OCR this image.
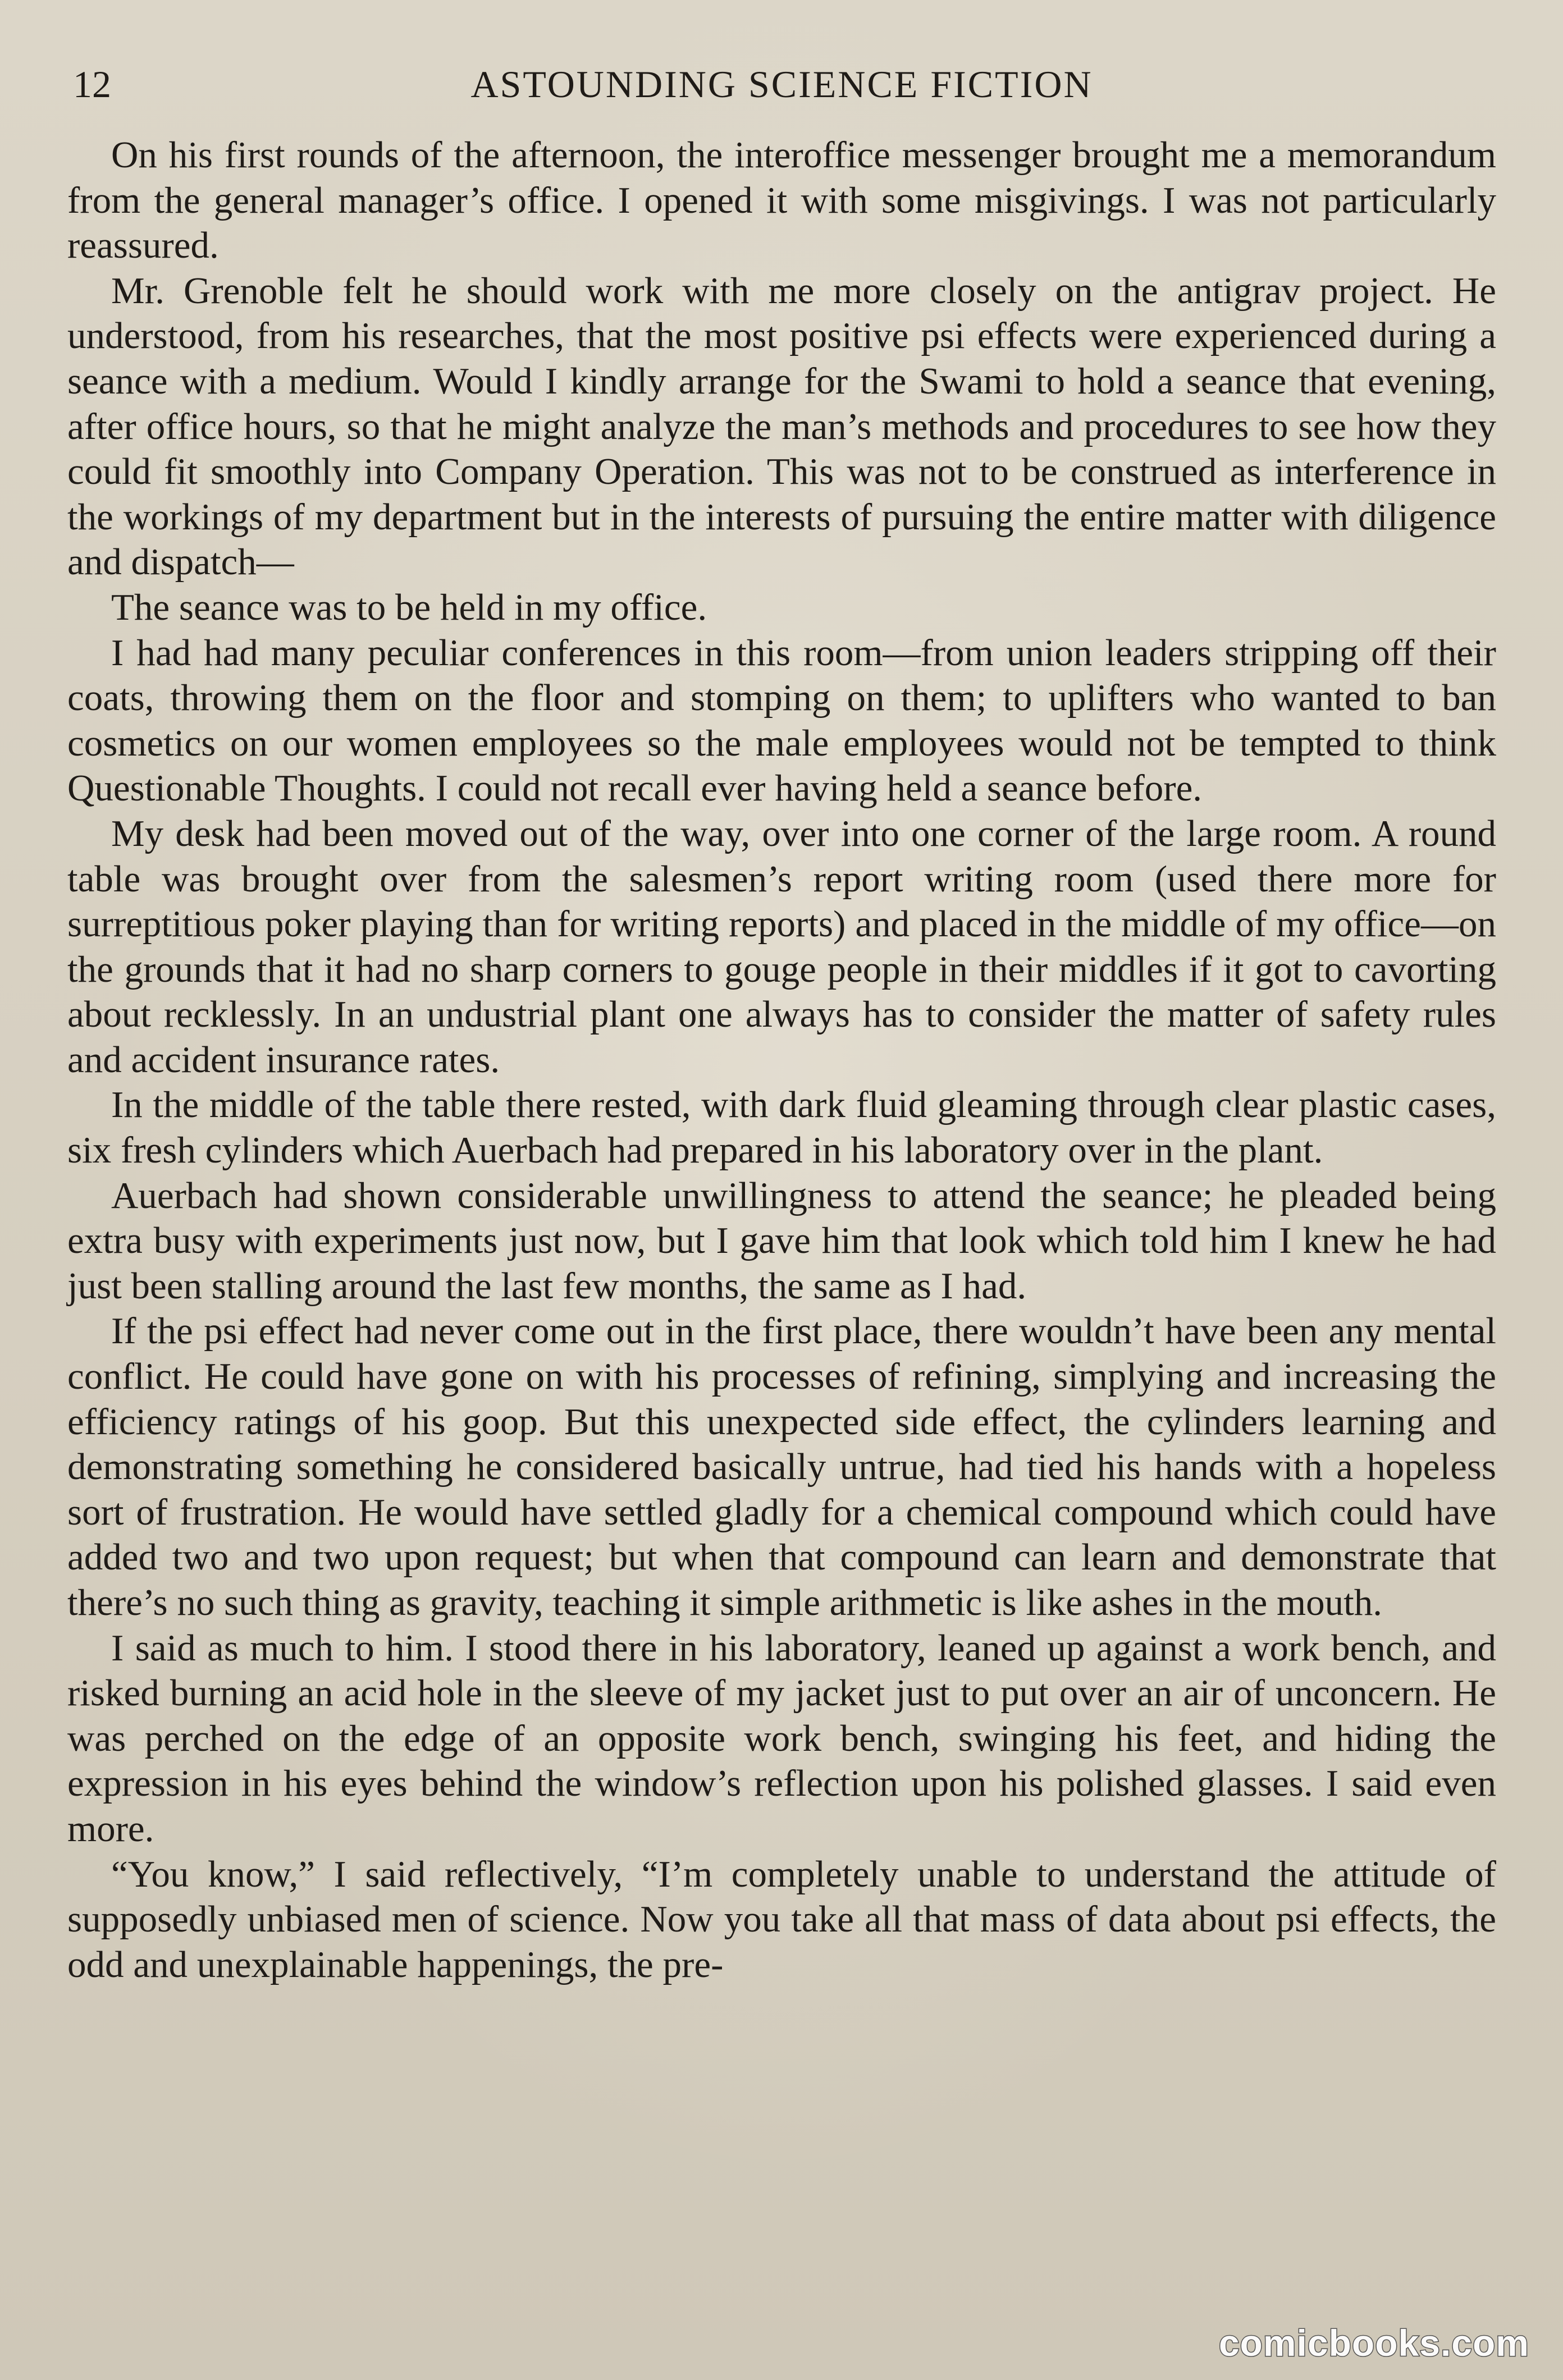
12	ASTOUNDING SCIENCE FICTION

On his first rounds of the afternoon, the interoffice messenger brought me a memorandum from the general manager’s office. I opened it with some misgivings. I was not particularly reassured.

Mr. Grenoble felt he should work with me more closely on the antigrav project. He understood, from his researches, that the most positive psi effects were experienced during a seance with a medium. Would I kindly arrange for the Swami to hold a seance that evening, after office hours, so that he might analyze the man’s methods and procedures to see how they could fit smoothly into Company Operation. This was not to be construed as interference in the workings of my department but in the interests of pursuing the entire matter with diligence and dispatch—

The seance was to be held in my office.

I had had many peculiar conferences in this room—from union leaders stripping off their coats, throwing them on the floor and stomping on them; to uplifters who wanted to ban cosmetics on our women employees so the male employees would not be tempted to think Questionable Thoughts. I could not recall ever having held a seance before.

My desk had been moved out of the way, over into one corner of the large room. A round table was brought over from the salesmen’s report writing room (used there more for surreptitious poker playing than for writing reports) and placed in the middle of my office—on the grounds that it had no sharp corners to gouge people in their middles if it got to cavorting about recklessly. In an undustrial plant one always has to consider the matter of safety rules and accident insurance rates.

In the middle of the table there rested, with dark fluid gleaming through clear plastic cases, six fresh cylinders which Auerbach had prepared in his laboratory over in the plant.

Auerbach had shown considerable unwillingness to attend the seance; he pleaded being extra busy with experiments just now, but I gave him that look which told him I knew he had just been stalling around the last few months, the same as I had.

If the psi effect had never come out in the first place, there wouldn’t have been any mental conflict. He could have gone on with his processes of refining, simplying and increasing the efficiency ratings of his goop. But this unexpected side effect, the cylinders learning and demonstrating something he considered basically untrue, had tied his hands with a hopeless sort of frustration. He would have settled gladly for a chemical compound which could have added two and two upon request; but when that compound can learn and demonstrate that there’s no such thing as gravity, teaching it simple arithmetic is like ashes in the mouth.

I said as much to him. I stood there in his laboratory, leaned up against a work bench, and risked burning an acid hole in the sleeve of my jacket just to put over an air of unconcern. He was perched on the edge of an opposite work bench, swinging his feet, and hiding the expression in his eyes behind the window’s reflection upon his polished glasses. I said even more.

“You know,” I said reflectively, “I’m completely unable to understand the attitude of supposedly unbiased men of science. Now you take all that mass of data about psi effects, the odd and unexplainable happenings, the pre-

comicbooks.com
